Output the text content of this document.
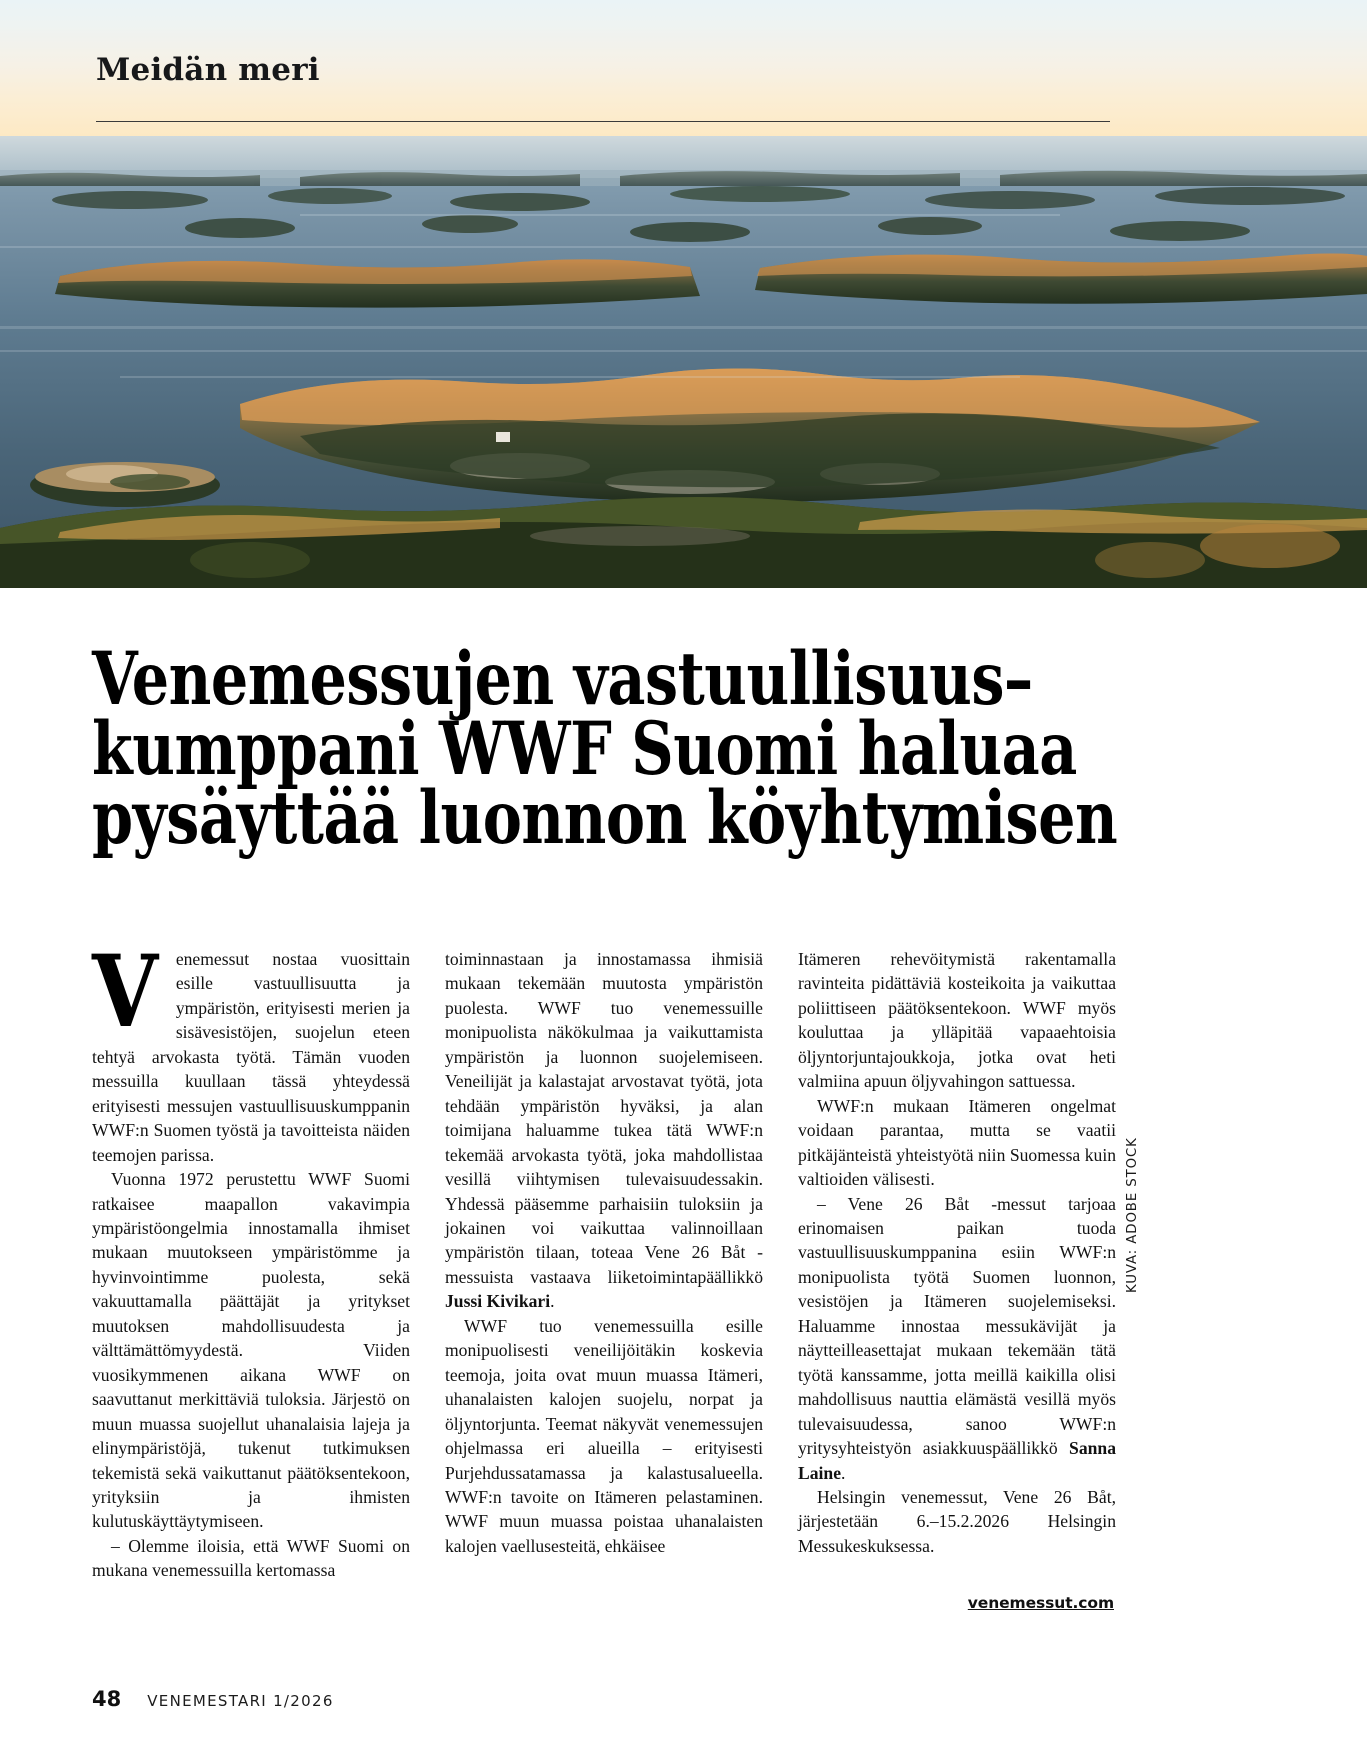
Meidän meri
Venemessujen vastuullisuus–
kumppani WWF Suomi haluaa
pysäyttää luonnon köyhtymisen

V	enemessut nostaa vuosittain esille vastuullisuutta ja ympäristön, erityisesti merien ja sisävesistöjen, suojelun eteen tehtyä arvokasta työtä. Tämän vuoden messuilla kuullaan tässä yhteydessä erityisesti messujen vastuullisuuskumppanin WWF:n Suomen työstä ja tavoitteista näiden teemojen parissa.

Vuonna 1972 perustettu WWF Suomi ratkaisee maapallon vakavimpia ympäristöongelmia innostamalla ihmiset mukaan muutokseen ympäristömme ja hyvinvointimme puolesta, sekä vakuuttamalla päättäjät ja yritykset muutoksen mahdollisuudesta ja välttämättömyydestä. Viiden vuosikymmenen aikana WWF on saavuttanut merkittäviä tuloksia. Järjestö on muun muassa suojellut uhanalaisia lajeja ja elinympäristöjä, tukenut tutkimuksen tekemistä sekä vaikuttanut päätöksentekoon, yrityksiin ja ihmisten kulutuskäyttäytymiseen.

– Olemme iloisia, että WWF Suomi on mukana venemessuilla kertomassa

toiminnastaan ja innostamassa ihmisiä mukaan tekemään muutosta ympäristön puolesta. WWF tuo venemessuille monipuolista näkökulmaa ja vaikuttamista ympäristön ja luonnon suojelemiseen. Veneilijät ja kalastajat arvostavat työtä, jota tehdään ympäristön hyväksi, ja alan toimijana haluamme tukea tätä WWF:n tekemää arvokasta työtä, joka mahdollistaa vesillä viihtymisen tulevaisuudessakin. Yhdessä pääsemme parhaisiin tuloksiin ja jokainen voi vaikuttaa valinnoillaan ympäristön tilaan, toteaa Vene 26 Båt -messuista vastaava liiketoimintapäällikkö Jussi Kivikari.

WWF tuo venemessuilla esille monipuolisesti veneilijöitäkin koskevia teemoja, joita ovat muun muassa Itämeri, uhanalaisten kalojen suojelu, norpat ja öljyntorjunta. Teemat näkyvät venemessujen ohjelmassa eri alueilla – erityisesti Purjehdussatamassa ja kalastusalueella. WWF:n tavoite on Itämeren pelastaminen. WWF muun muassa poistaa uhanalaisten kalojen vaellusesteitä, ehkäisee

Itämeren rehevöitymistä rakentamalla ravinteita pidättäviä kosteikoita ja vaikuttaa poliittiseen päätöksentekoon. WWF myös kouluttaa ja ylläpitää vapaaehtoisia öljyntorjuntajoukkoja, jotka ovat heti valmiina apuun öljyvahingon sattuessa.

WWF:n mukaan Itämeren ongelmat voidaan parantaa, mutta se vaatii pitkäjänteistä yhteistyötä niin Suomessa kuin valtioiden välisesti.

– Vene 26 Båt -messut tarjoaa erinomaisen paikan tuoda vastuullisuuskumppanina esiin WWF:n monipuolista työtä Suomen luonnon, vesistöjen ja Itämeren suojelemiseksi. Haluamme innostaa messukävijät ja näytteilleasettajat mukaan tekemään tätä työtä kanssamme, jotta meillä kaikilla olisi mahdollisuus nauttia elämästä vesillä myös tulevaisuudessa, sanoo WWF:n yritysyhteistyön asiakkuuspäällikkö Sanna Laine.

Helsingin venemessut, Vene 26 Båt, järjestetään 6.–15.2.2026 Helsingin Messukeskuksessa.

venemessut.com
KUVA: ADOBE STOCK
48 VENEMESTARI 1/2026
